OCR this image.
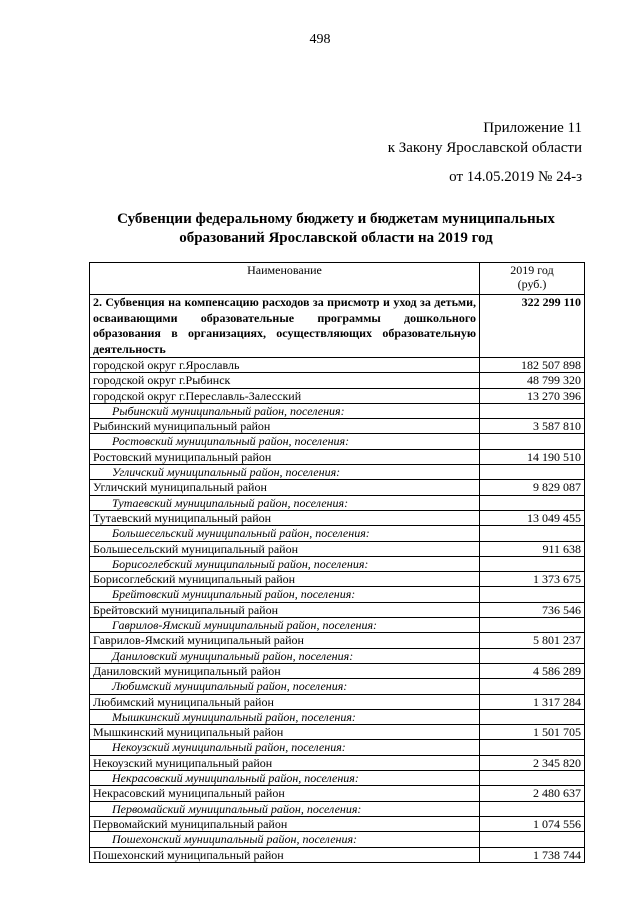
498
Приложение 11
к Закону Ярославской области
от 14.05.2019 № 24-з
Субвенции федеральному бюджету и бюджетам муниципальных образований Ярославской области на 2019 год
Наименование	2019 год
(руб.)

2. Субвенция на компенсацию расходов за присмотр и уход за детьми, осваивающими образовательные программы дошкольного образования в организациях, осуществляющих образовательную деятельность	322 299 110
городской округ г.Ярославль	182 507 898
городской округ г.Рыбинск	48 799 320
городской округ г.Переславль-Залесский	13 270 396
Рыбинский муниципальный район, поселения:	
Рыбинский муниципальный район	3 587 810
Ростовский муниципальный район, поселения:	
Ростовский муниципальный район	14 190 510
Угличский муниципальный район, поселения:	
Угличский муниципальный район	9 829 087
Тутаевский муниципальный район, поселения:	
Тутаевский муниципальный район	13 049 455
Большесельский муниципальный район, поселения:	
Большесельский муниципальный район	911 638
Борисоглебский муниципальный район, поселения:	
Борисоглебский муниципальный район	1 373 675
Брейтовский муниципальный район, поселения:	
Брейтовский муниципальный район	736 546
Гаврилов-Ямский муниципальный район, поселения:	
Гаврилов-Ямский муниципальный район	5 801 237
Даниловский муниципальный район, поселения:	
Даниловский муниципальный район	4 586 289
Любимский муниципальный район, поселения:	
Любимский муниципальный район	1 317 284
Мышкинский муниципальный район, поселения:	
Мышкинский муниципальный район	1 501 705
Некоузский муниципальный район, поселения:	
Некоузский муниципальный район	2 345 820
Некрасовский муниципальный район, поселения:	
Некрасовский муниципальный район	2 480 637
Первомайский муниципальный район, поселения:	
Первомайский муниципальный район	1 074 556
Пошехонский муниципальный район, поселения:	
Пошехонский муниципальный район	1 738 744
